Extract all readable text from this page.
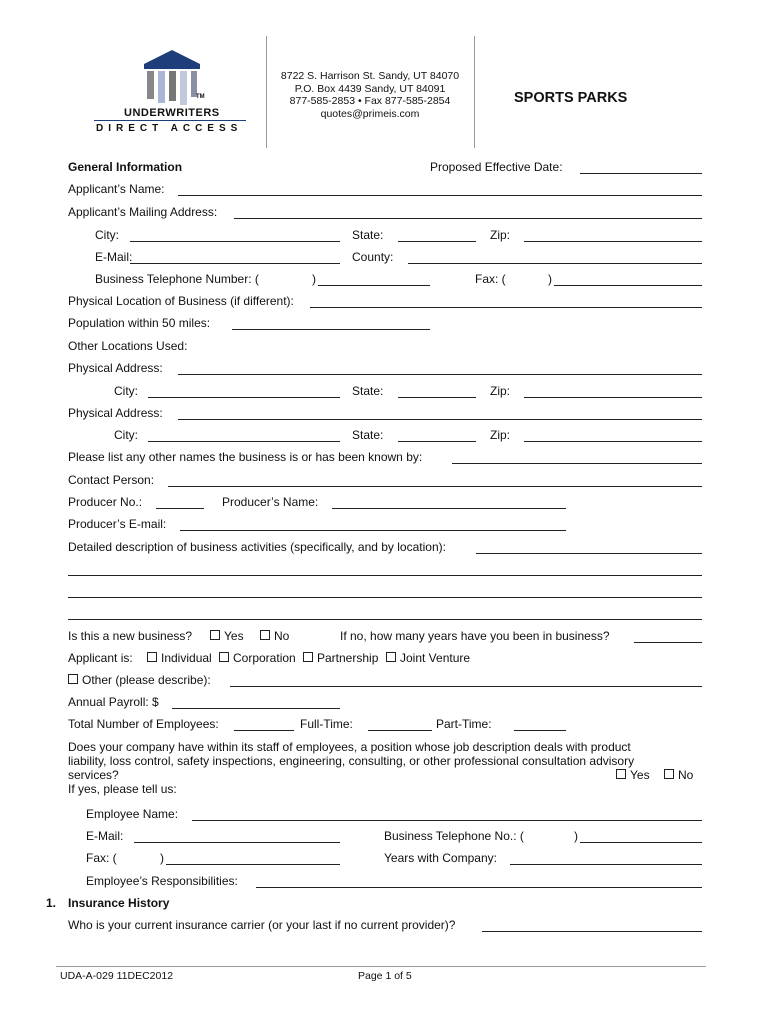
TM
UNDERWRITERS
DIRECT ACCESS
8722 S. Harrison St. Sandy, UT 84070
P.O. Box 4439 Sandy, UT 84091
877-585-2853 • Fax 877-585-2854
quotes@primeis.com
SPORTS PARKS
General Information	Proposed Effective Date:
Applicant’s Name:
Applicant’s Mailing Address:
City:	State:	Zip:
E-Mail:	County:
Business Telephone Number: (	)	Fax: (	)
Physical Location of Business (if different):
Population within 50 miles:
Other Locations Used:
Physical Address:
City:	State:	Zip:
Physical Address:
City:	State:	Zip:
Please list any other names the business is or has been known by:
Contact Person:
Producer No.:	Producer’s Name:
Producer’s E-mail:
Detailed description of business activities (specifically, and by location):
Is this a new business?	Yes	No	If no, how many years have you been in business?
Applicant is:	Individual	Corporation	Partnership	Joint Venture
Other (please describe):
Annual Payroll: $
Total Number of Employees:	Full-Time:	Part-Time:
Does your company have within its staff of employees, a position whose job description deals with product
liability, loss control, safety inspections, engineering, consulting, or other professional consultation advisory
services?
If yes, please tell us:
Yes	No
Employee Name:
E-Mail:	Business Telephone No.: (	)
Fax: (	)	Years with Company:
Employee’s Responsibilities:
1. Insurance History
Who is your current insurance carrier (or your last if no current provider)?
UDA-A-029 11DEC2012	Page 1 of 5
